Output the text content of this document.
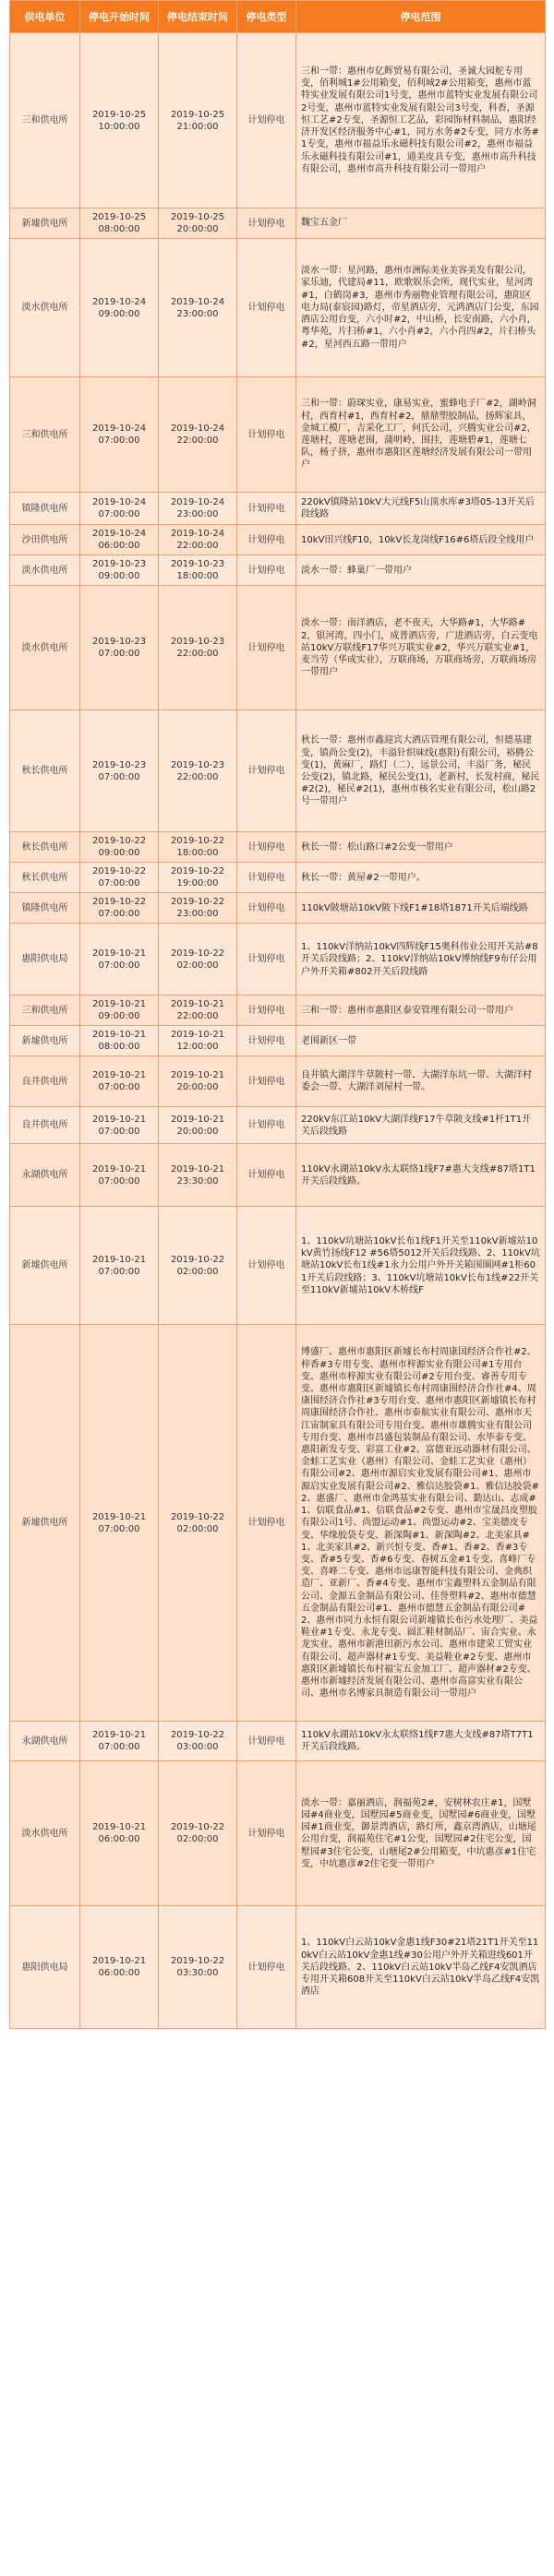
供电单位	停电开始时间	停电结束时间	停电类型	停电范围
三和供电所	2019-10-25 10:00:00	2019-10-25 21:00:00	计划停电	三和一带：惠州市亿辉贸易有限公司，圣诚大园舵专用变，佰利城1#公用箱变，佰利城2#公用箱变，惠州市蓝特实业发展有限公司1号变，惠州市蓝特实业发展有限公司2号变，惠州市蓝特实业发展有限公司3号变，科香，圣源恒工艺#2专变，圣源恒工艺品，彩园饰材料制品，惠阳经济开发区经济服务中心#1，同方水务#2专变，同方水务#1专变，惠州市福益乐永磁科技有限公司#2，惠州市福益乐永磁科技有限公司#1，通美皮具专变，惠州市高升科技有限公司，惠州市高升科技有限公司一带用户
新墟供电所	2019-10-25 08:00:00	2019-10-25 20:00:00	计划停电	魏宝五金厂
淡水供电所	2019-10-24 09:00:00	2019-10-24 23:00:00	计划停电	淡水一带：星河路，惠州市洲际美业美容美发有限公司，家乐迪，代建局#11，欧歌娱乐会所，现代实业，星河湾#1，白鹤岗#3，惠州市秀丽物业管理有限公司，惠阳区电力局(泰宸园)路灯，帝星酒店旁，元鸿酒店门公变，东园酒店公用台变，六小时#2，中山桥，长安南路，六小肖，粤华苑，片扫桥#1，六小肖#2，六小肖四#2，片扫桥头#2，星河西五路一带用户
三和供电所	2019-10-24 07:00:00	2019-10-24 22:00:00	计划停电	三和一带：蔚琛实业，康易实业，蜜蜂电子厂#2，湖岭洞村，西育村#1，西育村#2，鼎鼎塑胶制品，扬辉家具，金城工模厂，吉采化工厂，何氏公司，兴腾实业公司#2，莲塘村，莲塘老围，蒲明岭，围挂，莲塘碧#1，莲塘七队，杨子挤，惠州市惠阳区莲塘经济发展有限公司一带用户
镇隆供电所	2019-10-24 07:00:00	2019-10-24 23:00:00	计划停电	220kV镇隆站10kV大元线F5山顶水库#3塔05-13开关后段线路
沙田供电所	2019-10-24 06:00:00	2019-10-24 22:00:00	计划停电	10kV田兴线F10，10kV长龙岗线F16#6塔后段全线用户
淡水供电所	2019-10-23 09:00:00	2019-10-23 18:00:00	计划停电	淡水一带：蜂巢厂一带用户
淡水供电所	2019-10-23 07:00:00	2019-10-23 22:00:00	计划停电	淡水一带：南洋酒店，老不夜天，大华路#1，大华路#2，银河湾，四小门，成普酒店旁，广进酒店旁，白云变电站10kV万联线F17华兴万联实业#2，华兴万联实业#1，麦当劳（华成实业），万联商场，万联商场旁，万联商场房一带用户
秋长供电所	2019-10-23 07:00:00	2019-10-23 22:00:00	计划停电	秋长一带：惠州市鑫迎宾大酒店管理有限公司，恒德基建变，镇尚公变(2)，丰溢针织味线(惠阳)有限公司，裕腾公变(1)，黄麻厂，路灯（二），远景公司，丰溢厂务，秘民公变(2)，镇北路，秘民公变(1)，老新村，长发村商，秘民#2(2)，秘民#2(1)，惠州市核名实业有限公司，松山路2号一带用户
秋长供电所	2019-10-22 09:00:00	2019-10-22 18:00:00	计划停电	秋长一带：松山路口#2公变一带用户
秋长供电所	2019-10-22 07:00:00	2019-10-22 19:00:00	计划停电	秋长一带：黄屋#2一带用户。
镇隆供电所	2019-10-22 07:00:00	2019-10-22 23:00:00	计划停电	110kV陂塘站10kV陂下线F1#18塔1871开关后端线路
惠阳供电局	2019-10-21 07:00:00	2019-10-22 02:00:00	计划停电	1、110kV洋纳站10kV四辉线F15奥科伟业公用开关站#8开关后段线路；2、110kV洋纳站10kV博纳线F9布仔公用户外开关箱#802开关后段线路
三和供电所	2019-10-21 09:00:00	2019-10-21 22:00:00	计划停电	三和一带：惠州市惠阳区泰安管理有限公司一带用户
新墟供电所	2019-10-21 08:00:00	2019-10-21 12:00:00	计划停电	老围新区一带
良井供电所	2019-10-21 07:00:00	2019-10-21 20:00:00	计划停电	良井镇大湖洋牛草陂村一带、大湖洋东坑一带、大湖洋村委会一带、大湖洋刘屋村一带。
良井供电所	2019-10-21 07:00:00	2019-10-21 20:00:00	计划停电	220kV东江站10kV大湖洋线F17牛草陂支线#1杆1T1开关后段线路
永湖供电所	2019-10-21 07:00:00	2019-10-21 23:30:00	计划停电	110kV永湖站10kV永太联络1线F7#惠大支线#87塔1T1开关后段线路。
新墟供电所	2019-10-21 07:00:00	2019-10-22 02:00:00	计划停电	1、110kV坑塘站10kV长布1线F1开关至110kV新墟站10kV黄竹扬线F12 #56塔5012开关后段线路、2、110kV坑塘站10kV长布1线#1永力公用户外开关箱围圈网#1柜601开关后段线路；3、110kV坑塘站10kV长布1线#22开关至110kV新墟站10kV木桥线F
新墟供电所	2019-10-21 07:00:00	2019-10-22 02:00:00	计划停电	博盛厂、惠州市惠阳区新墟长布村周康国经济合作社#2、梓香#3专用专变、惠州市梓源实业有限公司#1专用台变、惠州市梓源实业有限公司#2专用台变、睿善专用专变、惠州市惠阳区新墟镇长布村周康围经济合作社#4、周康围经济合作社#3专用台变、惠州市惠阳区新墟镇长布村周康围经济合作社、惠州市泰航实业有限公司、惠州市天江宙制家具有限公司专用台变、惠州市雄腾实业有限公司专用台变、惠州市昌盛包装制品有限公司、水毕泰专变、惠阳新发专变、彩富工业#2、富德亚远动器材有限公司、金蛙工艺实业（惠州）有限公司、金蛙工艺实业（惠州）有限公司#2、惠州市源启实业发展有限公司#1、惠州市源启实业发展有限公司#2、雅信达胶袋#1、雅信达胶袋#2、惠盛厂、惠州市金鸿基实业有限公司、勤达山、志成#1、信联食品#1、信联食品#2专变、惠州市宝晟昌皮塑胶有限公司1号、尚盟运动#1、尚盟运动#2、宝美德皮专变、华缘胶袋专变、新深陶#1、新深陶#2、北美家具#1、北美家具#2、新兴恒专变、香#1、香#2、香#3专变、香#5专变、香#6专变、春树五金#1专变、喜峰厂专变、喜峰二专变、惠州市远康智能科技有限公司、金典织造厂、亚新厂、香#4专变、惠州市宝鑫塑料五金制品有限公司、金源五金制品有限公司、佳誉塑料#2、惠州市德慧五金制品有限公司#1、惠州市德慧五金制品有限公司#2、惠州市同力永恒有限公司新墟镇长布污水处理厂、美益鞋业#1专变、永龙专变、圆汇鞋材制品厂、宙合实业、永龙实业、惠州市新港田新污水公司、惠州市建荣工贸实业有限公司、超声器材#1专变、美益鞋业#2专变、惠州市惠阳区新墟镇长布村福宝五金加工厂、超声器材#2专变、惠州市新墟经济发展有限公司、惠州市高富实业有限公司、惠州市名博家具制造有限公司一带用户
永湖供电所	2019-10-21 07:00:00	2019-10-22 03:00:00	计划停电	110kV永湖站10kV永太联络1线F7惠大支线#87塔T7T1开关后段线路。
淡水供电所	2019-10-21 06:00:00	2019-10-22 02:00:00	计划停电	淡水一带：嘉丽酒店，润福苑2#，安树林农庄#1，国墅园#4商业变，国墅园#5商业变，国墅园#6商业变，国墅园#1商业变，御景湾酒店，路灯所，鑫京湾酒店，山塘尾公用台变，润福苑住宅#1公变，国墅园#2住宅公变，国墅园#3住宅公变，山塘尾2#公用箱变，中坑惠彦#1住宅变，中坑惠彦#2住宅变一带用户
惠阳供电局	2019-10-21 06:00:00	2019-10-22 03:30:00	计划停电	1、110kV白云站10kV金惠1线F30#21塔21T1开关至110kV白云站10kV金惠1线#30公用户外开关箱进线601开关后段线路、2、110kV白云站10kV半岛乙线F4安凯酒店专用开关箱608开关至110kV白云站10kV半岛乙线F4安凯酒店
